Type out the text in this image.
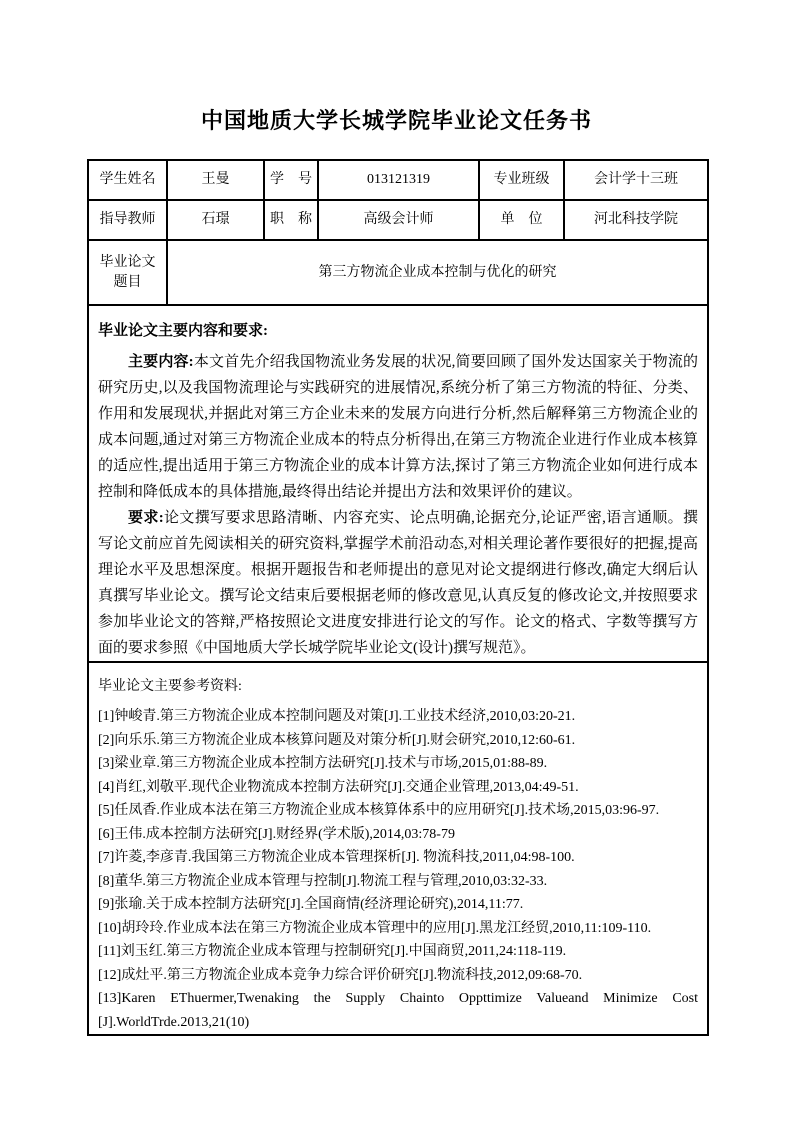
中国地质大学长城学院毕业论文任务书
学生姓名	王曼	学　号	013121319	专业班级	会计学十三班
指导教师	石璟	职　称	高级会计师	单　位	河北科技学院

毕业论文
题目	第三方物流企业成本控制与优化的研究				

毕业论文主要内容和要求:

主要内容:本文首先介绍我国物流业务发展的状况,简要回顾了国外发达国家关于物流的研究历史,以及我国物流理论与实践研究的进展情况,系统分析了第三方物流的特征、分类、作用和发展现状,并据此对第三方企业未来的发展方向进行分析,然后解释第三方物流企业的成本问题,通过对第三方物流企业成本的特点分析得出,在第三方物流企业进行作业成本核算的适应性,提出适用于第三方物流企业的成本计算方法,探讨了第三方物流企业如何进行成本控制和降低成本的具体措施,最终得出结论并提出方法和效果评价的建议。

要求:论文撰写要求思路清晰、内容充实、论点明确,论据充分,论证严密,语言通顺。撰写论文前应首先阅读相关的研究资料,掌握学术前沿动态,对相关理论著作要很好的把握,提高理论水平及思想深度。根据开题报告和老师提出的意见对论文提纲进行修改,确定大纲后认真撰写毕业论文。撰写论文结束后要根据老师的修改意见,认真反复的修改论文,并按照要求参加毕业论文的答辩,严格按照论文进度安排进行论文的写作。论文的格式、字数等撰写方面的要求参照《中国地质大学长城学院毕业论文(设计)撰写规范》。					

毕业论文主要参考资料:
[1]钟峻青.第三方物流企业成本控制问题及对策[J].工业技术经济,2010,03:20-21.
[2]向乐乐.第三方物流企业成本核算问题及对策分析[J].财会研究,2010,12:60-61.
[3]梁业章.第三方物流企业成本控制方法研究[J].技术与市场,2015,01:88-89.
[4]肖红,刘敬平.现代企业物流成本控制方法研究[J].交通企业管理,2013,04:49-51.
[5]任凤香.作业成本法在第三方物流企业成本核算体系中的应用研究[J].技术场,2015,03:96-97.
[6]王伟.成本控制方法研究[J].财经界(学术版),2014,03:78-79
[7]许菱,李彦青.我国第三方物流企业成本管理探析[J]. 物流科技,2011,04:98-100.
[8]董华.第三方物流企业成本管理与控制[J].物流工程与管理,2010,03:32-33.
[9]张瑜.关于成本控制方法研究[J].全国商情(经济理论研究),2014,11:77.
[10]胡玲玲.作业成本法在第三方物流企业成本管理中的应用[J].黑龙江经贸,2010,11:109-110.
[11]刘玉红.第三方物流企业成本管理与控制研究[J].中国商贸,2011,24:118-119.
[12]成灶平.第三方物流企业成本竞争力综合评价研究[J].物流科技,2012,09:68-70.
[13]Karen EThuermer,Twenaking the Supply Chainto Oppttimize Valueand Minimize Cost [J].WorldTrde.2013,21(10)
